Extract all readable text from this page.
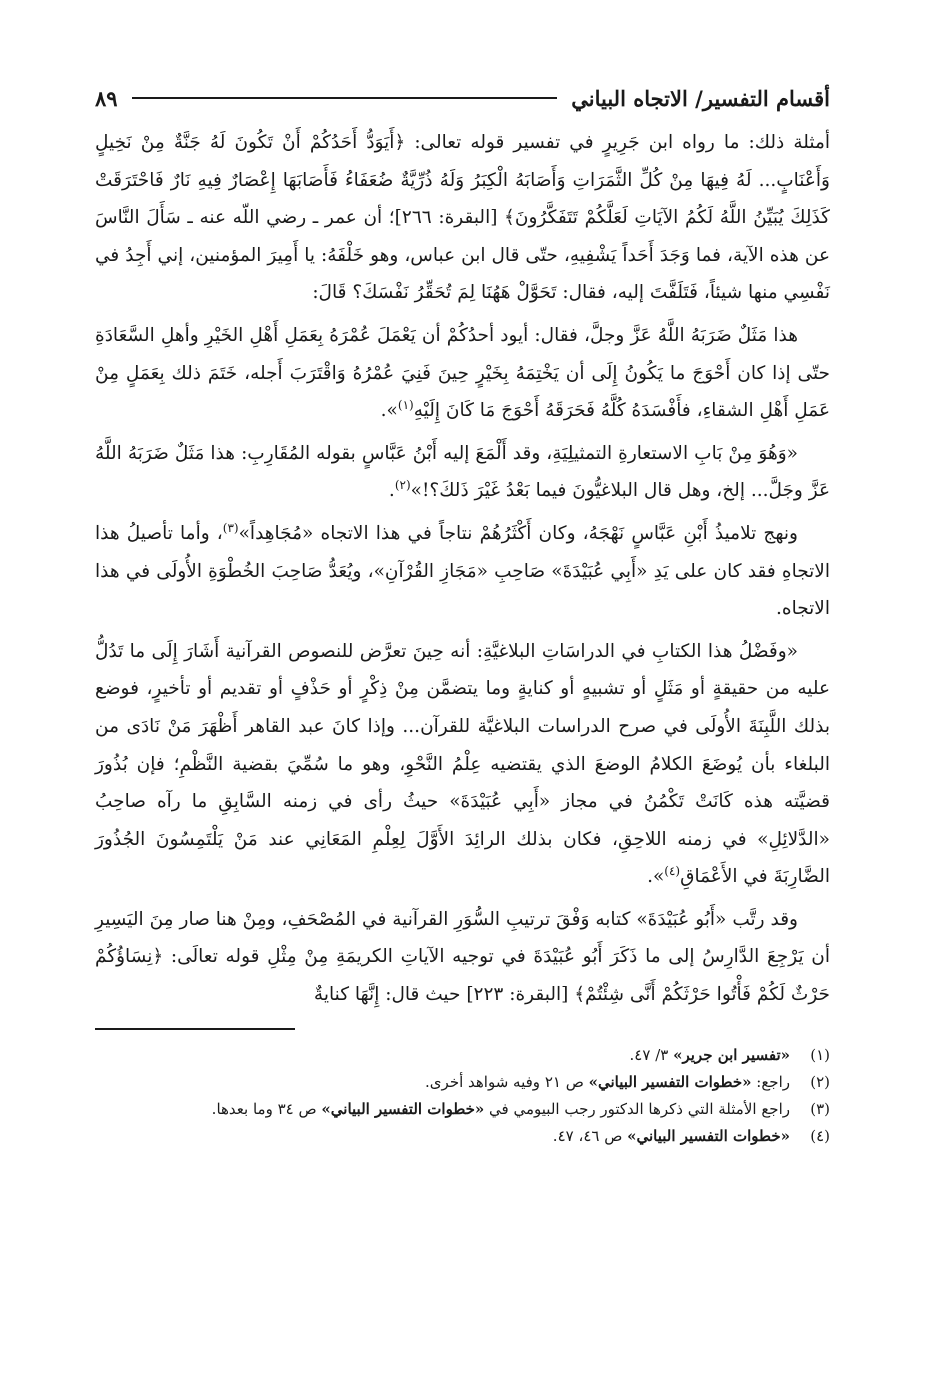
أقسام التفسير/ الاتجاه البياني
٨٩

أمثلة ذلك: ما رواه ابن جَرِيرٍ في تفسير قوله تعالى: ﴿أَيَوَدُّ أَحَدُكُمْ أَنْ تَكُونَ لَهُ جَنَّةٌ مِنْ نَخِيلٍ وَأَعْنَابٍ... لَهُ فِيهَا مِنْ كُلِّ الثَّمَرَاتِ وَأَصَابَهُ الْكِبَرُ وَلَهُ ذُرِّيَّةٌ ضُعَفَاءُ فَأَصَابَهَا إِعْصَارٌ فِيهِ نَارٌ فَاحْتَرَقَتْ كَذَلِكَ يُبَيِّنُ اللَّهُ لَكُمُ الآيَاتِ لَعَلَّكُمْ تَتَفَكَّرُونَ﴾ [البقرة: ٢٦٦]؛ أن عمر ـ رضي اللّه عنه ـ سَأَلَ النَّاسَ عن هذه الآية، فما وَجَدَ أَحَداً يَشْفِيهِ، حتّى قال ابن عباس، وهو خَلْفَهُ: يا أَمِيرَ المؤمنين، إني أَجِدُ في نَفْسِي منها شيئاً، فَتَلَفَّتَ إليه، فقال: تَحَوَّلْ هَهُنَا لِمَ تُحَقِّرُ نَفْسَكَ؟ قَالَ:

هذا مَثَلٌ ضَرَبَهُ اللَّهُ عَزَّ وجلَّ، فقال: أيود أحدُكُمْ أن يَعْمَلَ عُمْرَهُ بِعَمَلِ أَهْلِ الخَيْرِ وأهلِ السَّعَادَةِ حتّى إذا كان أَحْوَجَ ما يَكُونُ إِلَى أن يَخْتِمَهُ بِخَيْرٍ حِينَ فَنِيَ عُمْرُهُ وَاقْتَرَبَ أَجله، خَتَمَ ذلك بِعَمَلٍ مِنْ عَمَلِ أَهْلِ الشقاءِ، فأَفْسَدَهُ كُلَّهُ فَحَرَقَهُ أَحْوَجَ مَا كَانَ إِلَيْهِ$^{(١)}$».

«وَهُوَ مِنْ بَابِ الاستعارةِ التمثيلِيَةِ، وقد أَلْمَعَ إليه أَبْنُ عَبَّاسٍ بقوله المُقَارِبِ: هذا مَثَلٌ ضَرَبَهُ اللَّهُ عَزَّ وجَلَّ... إلخ، وهل قال البلاغيُّونَ فيما بَعْدُ غَيْرَ ذَلكَ؟!»$^{(٢)}$.

ونهج تلاميذُ أَبْنِ عَبَّاسٍ نَهْجَهُ، وكان أَكْثَرُهُمْ نتاجاً في هذا الاتجاه «مُجَاهِداً»$^{(٣)}$، وأما تأصيلُ هذا الاتجاهِ فقد كان على يَدِ «أَبِي عُبَيْدَةَ» صَاحِبِ «مَجَازِ القُرْآنِ»، ويُعَدُّ صَاحِبَ الخُطْوَةِ الأُولَى في هذا الاتجاه.

«وفَضْلُ هذا الكتابِ في الدراسَاتِ البلاغيَّةِ: أنه حِينَ تعرَّض للنصوص القرآنية أَشَارَ إِلَى ما تَدُلُّ عليه من حقيقةٍ أو مَثَلٍ أو تشبيهٍ أو كنايةٍ وما يتضمَّن مِنْ ذِكْرٍ أو حَذْفٍ أو تقديم أو تأخيرٍ، فوضع بذلك اللَّبِنَةَ الأُولَى في صرح الدراسات البلاغيَّة للقرآن... وإذا كانَ عبد القاهر أَظْهَرَ مَنْ نَادَى من البلغاء بأن يُوضَعَ الكلامُ الوضعَ الذي يقتضيه عِلْمُ النَّحْوِ، وهو ما سُمِّيَ بقضية النَّظْمِ؛ فإن بُذُورَ قضيَّته هذه كَانَتْ تَكْمُنُ في مجاز «أَبِي عُبَيْدَةَ» حيثُ رأى في زمنه السَّابِقِ ما رآه صاحِبُ «الدَّلائِلِ» في زمنه اللاحِقِ، فكان بذلك الرائِدَ الأَوَّلَ لِعِلْمِ المَعَانِي عند مَنْ يَلْتَمِسُونَ الجُذُورَ الضَّارِبَةَ في الأَعْمَاقِ$^{(٤)}$».

وقد رتَّب «أَبُو عُبَيْدَةَ» كتابه وَفْقَ ترتيبِ السُّوَرِ القرآنية في المُصْحَفِ، ومِنْ هنا صار مِنَ اليَسِيرِ أن يَرْجِعَ الدَّارِسُ إلى ما ذَكَرَ أَبُو عُبَيْدَةَ في توجيه الآياتِ الكريمَةِ مِنْ مِثْلِ قوله تعالَى: ﴿نِسَاؤُكُمْ حَرْثٌ لَكُمْ فَأْتُوا حَرْثَكُمْ أَنَّى شِئْتُمْ﴾ [البقرة: ٢٢٣] حيث قال: إِنَّهَا كنايةٌ

(١)
«تفسير ابن جرير» ٣/ ٤٧.
(٢)
راجع: «خطوات التفسير البياني» ص ٢١ وفيه شواهد أخرى.
(٣)
راجع الأمثلة التي ذكرها الدكتور رجب البيومي في «خطوات التفسير البياني» ص ٣٤ وما بعدها.
(٤)
«خطوات التفسير البياني» ص ٤٦، ٤٧.
